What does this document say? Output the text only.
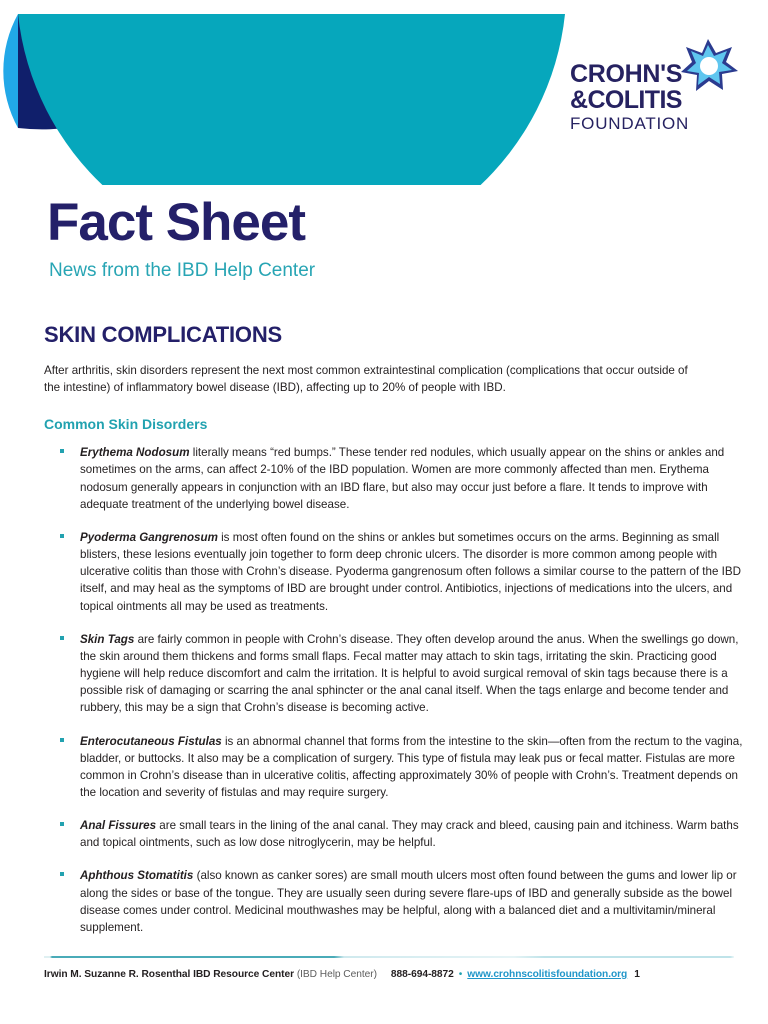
CROHN'S
&COLITIS
FOUNDATION
Fact Sheet
News from the IBD Help Center
SKIN COMPLICATIONS

After arthritis, skin disorders represent the next most common extraintestinal complication (complications that occur outside of the intestine) of inflammatory bowel disease (IBD), affecting up to 20% of people with IBD.

Common Skin Disorders
Erythema Nodosum literally means “red bumps.” These tender red nodules, which usually appear on the shins or ankles and sometimes on the arms, can affect 2-10% of the IBD population. Women are more commonly affected than men. Erythema nodosum generally appears in conjunction with an IBD flare, but also may occur just before a flare. It tends to improve with adequate treatment of the underlying bowel disease.
Pyoderma Gangrenosum is most often found on the shins or ankles but sometimes occurs on the arms. Beginning as small blisters, these lesions eventually join together to form deep chronic ulcers. The disorder is more common among people with ulcerative colitis than those with Crohn’s disease. Pyoderma gangrenosum often follows a similar course to the pattern of the IBD itself, and may heal as the symptoms of IBD are brought under control. Antibiotics, injections of medications into the ulcers, and topical ointments all may be used as treatments.
Skin Tags are fairly common in people with Crohn’s disease. They often develop around the anus. When the swellings go down, the skin around them thickens and forms small flaps. Fecal matter may attach to skin tags, irritating the skin. Practicing good hygiene will help reduce discomfort and calm the irritation. It is helpful to avoid surgical removal of skin tags because there is a possible risk of damaging or scarring the anal sphincter or the anal canal itself. When the tags enlarge and become tender and rubbery, this may be a sign that Crohn’s disease is becoming active.
Enterocutaneous Fistulas is an abnormal channel that forms from the intestine to the skin—often from the rectum to the vagina, bladder, or buttocks. It also may be a complication of surgery. This type of fistula may leak pus or fecal matter. Fistulas are more common in Crohn’s disease than in ulcerative colitis, affecting approximately 30% of people with Crohn’s. Treatment depends on the location and severity of fistulas and may require surgery.
Anal Fissures are small tears in the lining of the anal canal. They may crack and bleed, causing pain and itchiness. Warm baths and topical ointments, such as low dose nitroglycerin, may be helpful.
Aphthous Stomatitis (also known as canker sores) are small mouth ulcers most often found between the gums and lower lip or along the sides or base of the tongue. They are usually seen during severe flare-ups of IBD and generally subside as the bowel disease comes under control. Medicinal mouthwashes may be helpful, along with a balanced diet and a multivitamin/mineral supplement.
Irwin M. Suzanne R. Rosenthal IBD Resource Center (IBD Help Center) 888-694-8872 • www.crohnscolitisfoundation.org 1
